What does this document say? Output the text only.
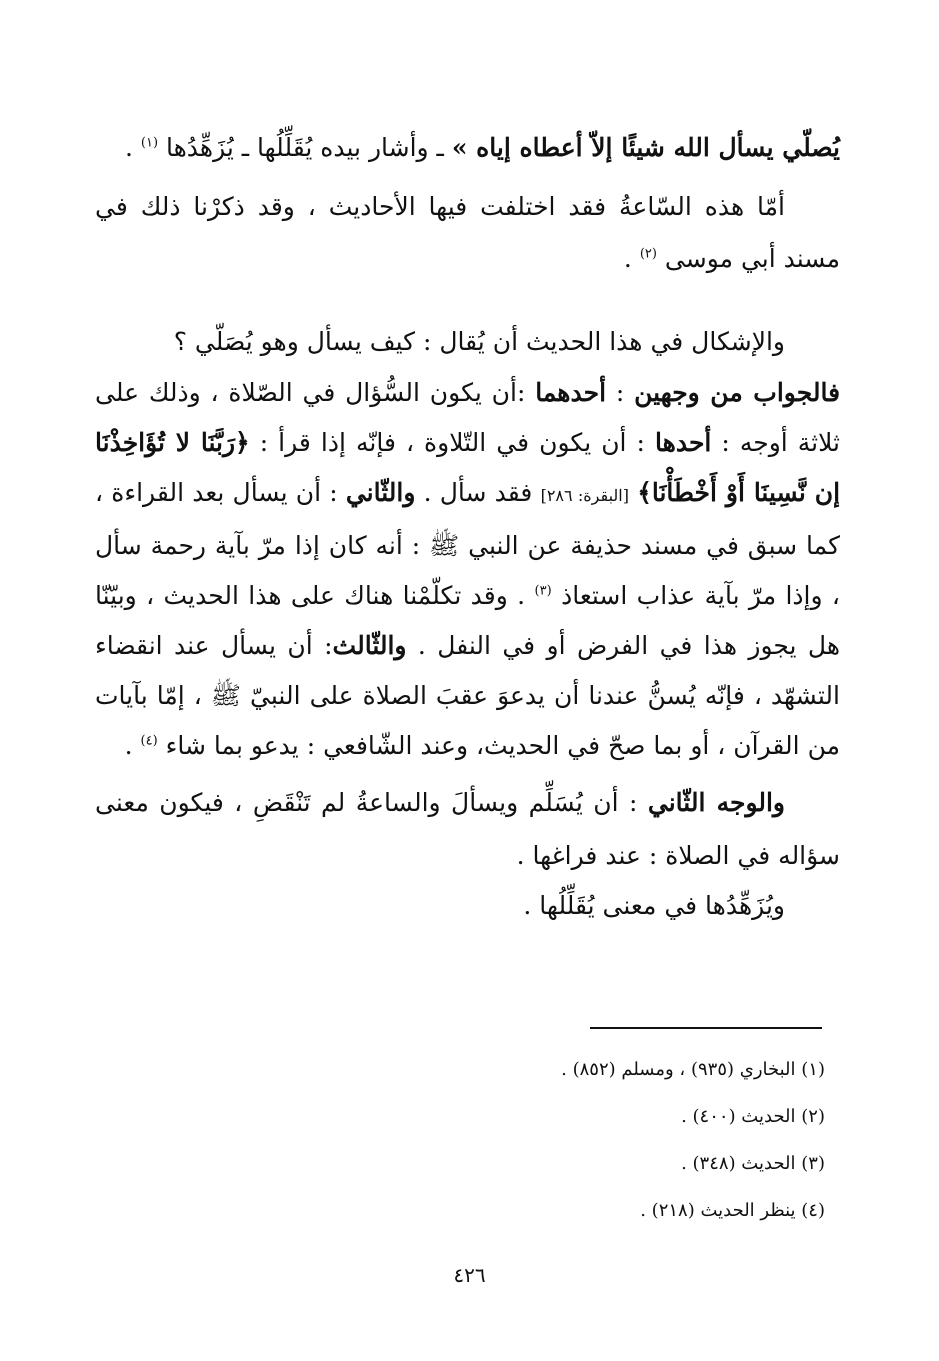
يُصلّي يسأل الله شيئًا إلاّ أعطاه إياه » ـ وأشار بيده يُقَلِّلُها ـ يُزَهِّدُها $^{(١)}$ .

أمّا هذه السّاعةُ فقد اختلفت فيها الأحاديث ، وقد ذكرْنا ذلك في مسند أبي موسى $^{(٢)}$ .

والإشكال في هذا الحديث أن يُقال : كيف يسأل وهو يُصَلّي ؟

فالجواب من وجهين : أحدهما :أن يكون السُّؤال في الصّلاة ، وذلك على ثلاثة أوجه : أحدها : أن يكون في التّلاوة ، فإنّه إذا قرأ : ﴿رَبَّنَا لا تُؤَاخِذْنَا إن نَّسِينَا أَوْ أَخْطَأْنَا﴾ [البقرة: ٢٨٦] فقد سأل . والثّاني : أن يسأل بعد القراءة ، كما سبق في مسند حذيفة عن النبي ﷺ : أنه كان إذا مرّ بآية رحمة سأل ، وإذا مرّ بآية عذاب استعاذ $^{(٣)}$ . وقد تكلّمْنا هناك على هذا الحديث ، وبيّنّا هل يجوز هذا في الفرض أو في النفل . والثّالث: أن يسأل عند انقضاء التشهّد ، فإنّه يُسنُّ عندنا أن يدعوَ عقبَ الصلاة على النبيّ ﷺ ، إمّا بآيات من القرآن ، أو بما صحّ في الحديث، وعند الشّافعي : يدعو بما شاء $^{(٤)}$ .

والوجه الثّاني : أن يُسَلِّم ويسألَ والساعةُ لم تَنْقَضِ ، فيكون معنى سؤاله في الصلاة : عند فراغها .

ويُزَهِّدُها في معنى يُقَلِّلُها .

(١) البخاري (٩٣٥) ، ومسلم (٨٥٢) .

(٢) الحديث (٤٠٠) .

(٣) الحديث (٣٤٨) .

(٤) ينظر الحديث (٢١٨) .

٤٢٦
